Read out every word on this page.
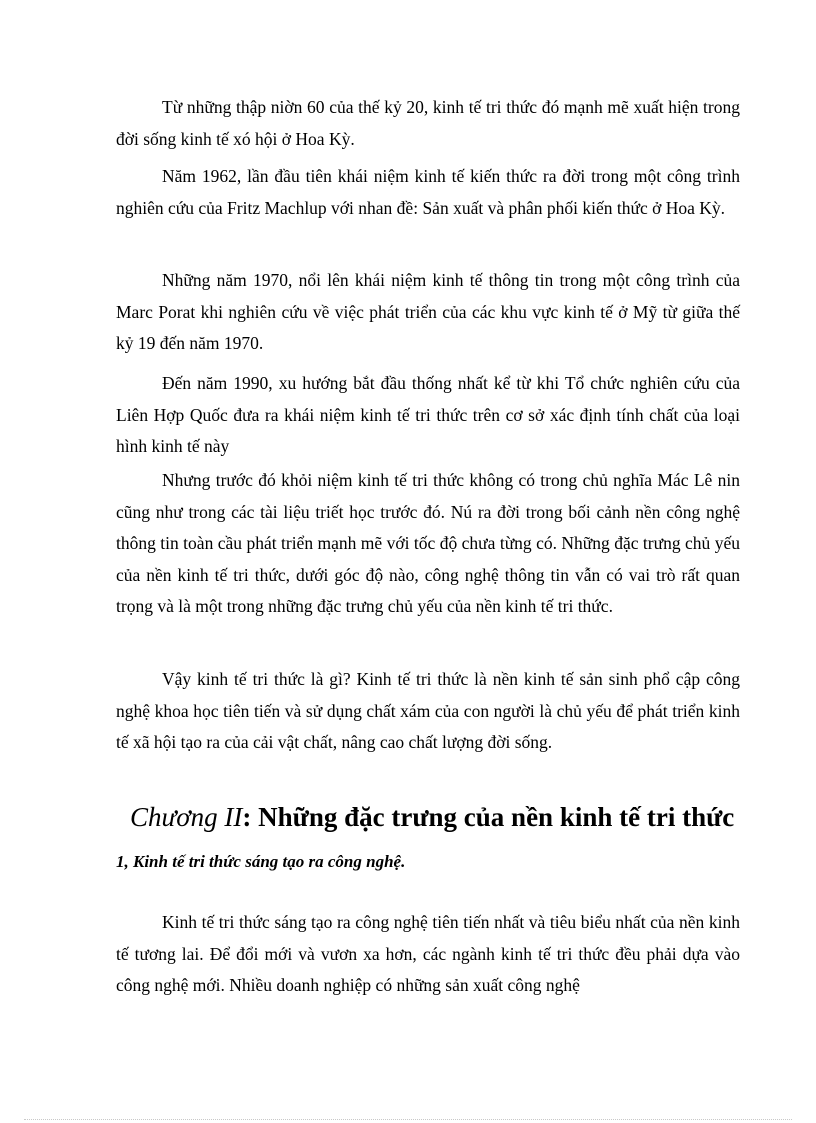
Từ những thập niờn 60 của thế kỷ 20, kinh tế tri thức đó mạnh mẽ xuất hiện trong đời sống kinh tế xó hội ở Hoa Kỳ.

Năm 1962, lần đầu tiên khái niệm kinh tế kiến thức ra đời trong một công trình nghiên cứu của Fritz Machlup với nhan đề: Sản xuất và phân phối kiến thức ở Hoa Kỳ.

Những năm 1970, nổi lên khái niệm kinh tế thông tin trong một công trình của Marc Porat khi nghiên cứu về việc phát triển của các khu vực kinh tế ở Mỹ từ giữa thế kỷ 19 đến năm 1970.

Đến năm 1990, xu hướng bắt đầu thống nhất kể từ khi Tổ chức nghiên cứu của Liên Hợp Quốc đưa ra khái niệm kinh tế tri thức trên cơ sở xác định tính chất của loại hình kinh tế này

Nhưng trước đó khỏi niệm kinh tế tri thức không có trong chủ nghĩa Mác Lê nin cũng như trong các tài liệu triết học trước đó. Nú ra đời trong bối cảnh nền công nghệ thông tin toàn cầu phát triển mạnh mẽ với tốc độ chưa từng có. Những đặc trưng chủ yếu của nền kinh tế tri thức, dưới góc độ nào, công nghệ thông tin vẫn có vai trò rất quan trọng và là một trong những đặc trưng chủ yếu của nền kinh tế tri thức.

Vậy kinh tế tri thức là gì? Kinh tế tri thức là nền kinh tế sản sinh phổ cập công nghệ khoa học tiên tiến và sử dụng chất xám của con người là chủ yếu để phát triển kinh tế xã hội tạo ra của cải vật chất, nâng cao chất lượng đời sống.

Chương II: Những đặc trưng của nền kinh tế tri thức
1, Kinh tế tri thức sáng tạo ra công nghệ.

Kinh tế tri thức sáng tạo ra công nghệ tiên tiến nhất và tiêu biểu nhất của nền kinh tế tương lai. Để đổi mới và vươn xa hơn, các ngành kinh tế tri thức đều phải dựa vào công nghệ mới. Nhiều doanh nghiệp có những sản xuất công nghệ
